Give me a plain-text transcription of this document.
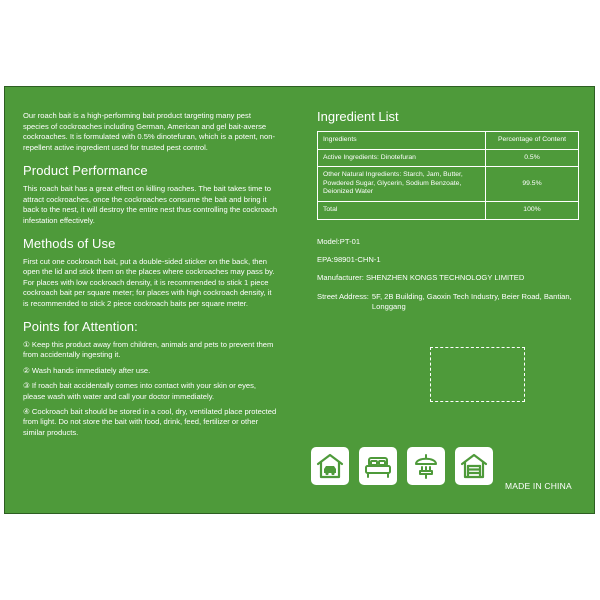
Our roach bait is a high-performing bait product targeting many pest species of cockroaches including German, American and gel bait-averse cockroaches. It is formulated with 0.5% dinotefuran, which is a potent, non-repellent active ingredient used for trusted pest control.

Product Performance

This roach bait has a great effect on killing roaches. The bait takes time to attract cockroaches, once the cockroaches consume the bait and bring it back to the nest, it will destroy the entire nest thus controlling the cockroach infestation effectively.

Methods of Use

First cut one cockroach bait, put a double-sided sticker on the back, then open the lid and stick them on the places where cockroaches may pass by. For places with low cockroach density, it is recommended to stick 1 piece cockroach bait per square meter; for places with high cockroach density, it is recommended to stick 2 piece cockroach baits per square meter.

Points for Attention:

① Keep this product away from children, animals and pets to prevent them from accidentally ingesting it.

② Wash hands immediately after use.

③ If roach bait accidentally comes into contact with your skin or eyes, please wash with water and call your doctor immediately.

④ Cockroach bait should be stored in a cool, dry, ventilated place protected from light. Do not store the bait with food, drink, feed, fertilizer or other similar products.

Ingredient List
Ingredients	Percentage of Content
Active Ingredients: Dinotefuran	0.5%
Other Natural Ingredients: Starch, Jam, Butter, Powdered Sugar, Glycerin, Sodium Benzoate, Deionized Water	99.5%
Total	100%

Model:PT-01

EPA:98901-CHN-1

Manufacturer: SHENZHEN KONGS TECHNOLOGY LIMITED

Street Address: 5F, 2B Building, Gaoxin Tech Industry, Beier Road, Bantian, Longgang
MADE IN CHINA
